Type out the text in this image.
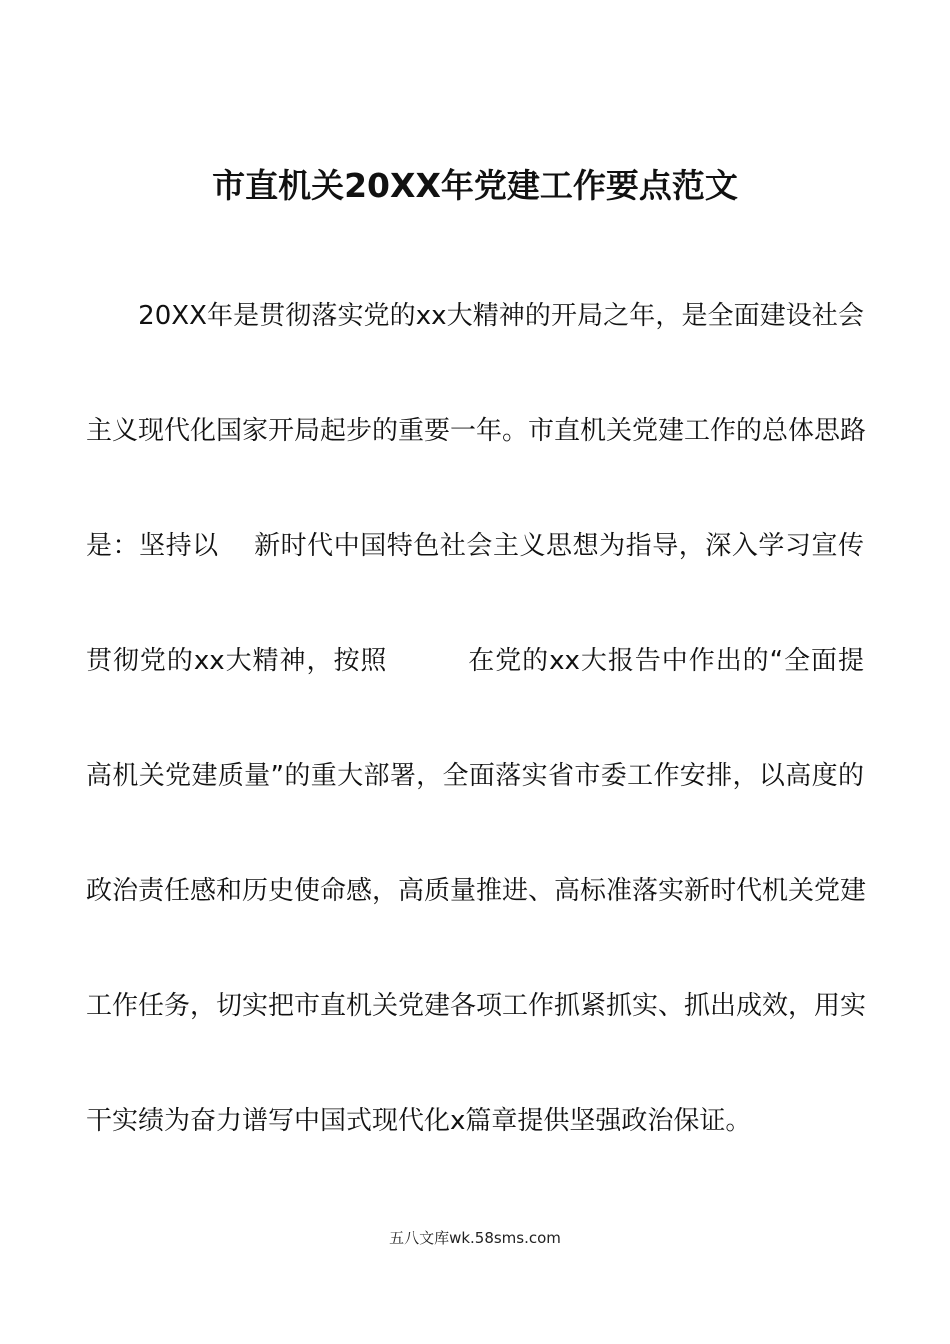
市直机关20XX年党建工作要点范文
　　20XX年是贯彻落实党的xx大精神的开局之年，是全面建设社会
主义现代化国家开局起步的重要一年。市直机关党建工作的总体思路
是：坚持以　 新时代中国特色社会主义思想为指导，深入学习宣传
贯彻党的xx大精神，按照　　　在党的xx大报告中作出的“全面提
高机关党建质量”的重大部署，全面落实省市委工作安排，以高度的
政治责任感和历史使命感，高质量推进、高标准落实新时代机关党建
工作任务，切实把市直机关党建各项工作抓紧抓实、抓出成效，用实
干实绩为奋力谱写中国式现代化x篇章提供坚强政治保证。
五八文库wk.58sms.com
